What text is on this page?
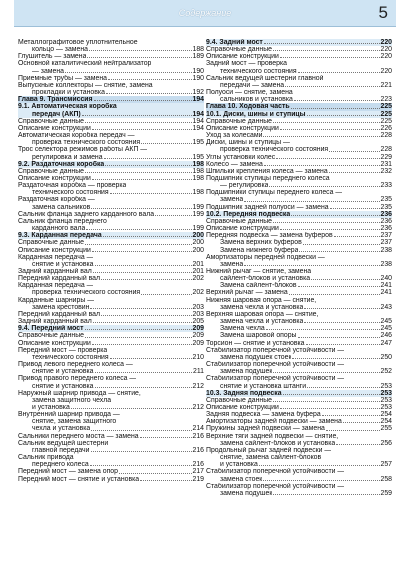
Содержание	5
Металлографитовое уплотнительное
кольцо — замена	188
Глушитель — замена	189
Основной каталитический нейтрализатор
— замена	190
Приемные трубы — замена	190
Выпускные коллекторы — снятие, замена
прокладки и установка	192
Глава 9. Трансмиссия	194
9.1. Автоматическая коробка
передач (АКП)	194
Справочные данные	194
Описание конструкции	194
Автоматическая коробка передач —
проверка технического состояния	195
Трос селектора режимов работы АКП —
регулировка и замена	195
9.2. Раздаточная коробка	198
Справочные данные	198
Описание конструкции	198
Раздаточная коробка — проверка
технического состояния	198
Раздаточная коробка —
замена сальников	199
Сальник фланца заднего карданного вала	199
Сальник фланца переднего
карданного вала	199
9.3. Карданная передача	200
Справочные данные	200
Описание конструкции	200
Карданная передача —
снятие и установка	201
Задний карданный вал	201
Передний карданный вал	202
Карданная передача —
проверка технического состояния	202
Карданные шарниры —
замена крестовин	203
Передний карданный вал	203
Задний карданный вал	205
9.4. Передний мост	209
Справочные данные	209
Описание конструкции	209
Передний мост — проверка
технического состояния	210
Привод левого переднего колеса —
снятие и установка	211
Привод правого переднего колеса —
снятие и установка	212
Наружный шарнир привода — снятие,
замена защитного чехла
и установка	212
Внутренний шарнир привода —
снятие, замена защитного
чехла и установка	214
Сальники переднего моста — замена	216
Сальник ведущей шестерни
главной передачи	216
Сальник привода
переднего колеса	216
Передний мост — замена опор	217
Передний мост — снятие и установка	219
9.4. Задний мост	220
Справочные данные	220
Описание конструкции	220
Задний мост — проверка
технического состояния	220
Сальник ведущей шестерни главной
передачи — замена	221
Полуоси — снятие, замена
сальников и установка	223
Глава 10. Ходовая часть	225
10.1. Диски, шины и ступицы	225
Справочные данные	225
Описание конструкции	226
Уход за колесами	228
Диски, шины и ступицы —
проверка технического состояния	228
Углы установки колес	229
Колесо — замена	231
Шпильки крепления колеса — замена	232
Подшипник ступицы переднего колеса
— регулировка	233
Подшипники ступицы переднего колеса —
замена	235
Подшипник задней полуоси — замена	235
10.2. Передняя подвеска	236
Справочные данные	236
Описание конструкции	236
Передняя подвеска — замена буферов	237
Замена верхних буферов	237
Замена нижнего буфера	238
Амортизаторы передней подвески —
замена	238
Нижний рычаг — снятие, замена
сайлент-блоков и установка	240
Замена сайлент-блоков	241
Верхний рычаг — замена	241
Нижняя шаровая опора — снятие,
замена чехла и установка	243
Верхняя шаровая опора — снятие,
замена чехла и установка	245
Замена чехла	245
Замена шаровой опоры	246
Торсион — снятие и установка	247
Стабилизатор поперечной устойчивости —
замена подушек стоек	250
Стабилизатор поперечной устойчивости —
замена подушек	252
Стабилизатор поперечной устойчивости —
снятие и установка штанги	253
10.3. Задняя подвеска	253
Справочные данные	253
Описание конструкции	253
Задняя подвеска — замена буфера	254
Амортизаторы задней подвески — замена	254
Пружины задней подвески — замена	255
Верхние тяги задней подвески — снятие,
замена сайлент-блоков и установка	256
Продольный рычаг задней подвески —
снятие, замена сайлент-блоков
и установка	257
Стабилизатор поперечной устойчивости —
замена стоек	258
Стабилизатор поперечной устойчивости —
замена подушек	259
